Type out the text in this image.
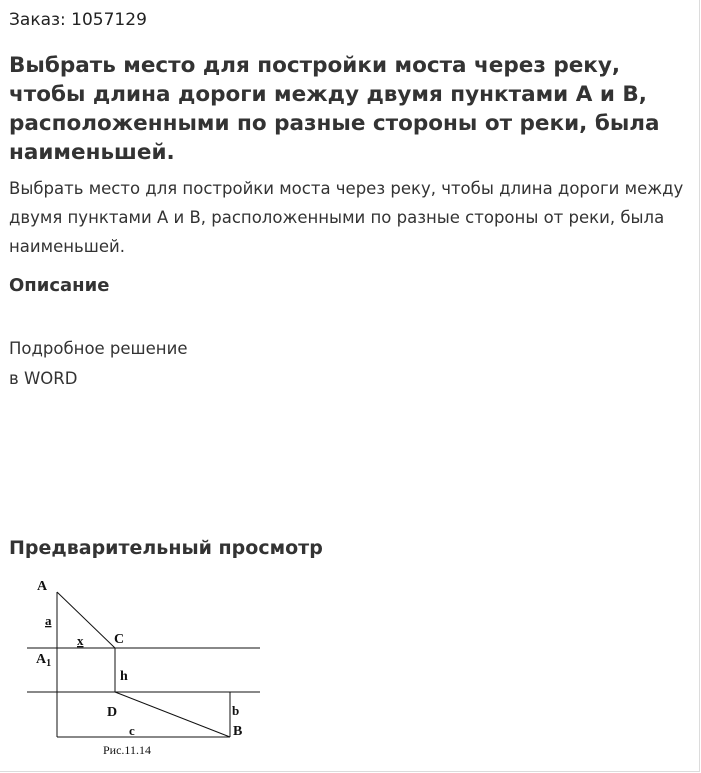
Заказ: 1057129
Выбрать место для постройки моста через реку, чтобы длина дороги между двумя пунктами А и В, расположенными по разные стороны от реки, была наименьшей.

Выбрать место для постройки моста через реку, чтобы длина дороги между двумя пунктами А и В, расположенными по разные стороны от реки, была наименьшей.

Описание
Подробное решение
в WORD
Предварительный просмотр
A
a
x C
$A_1$
h
D	b
c	B
Рис.11.14
